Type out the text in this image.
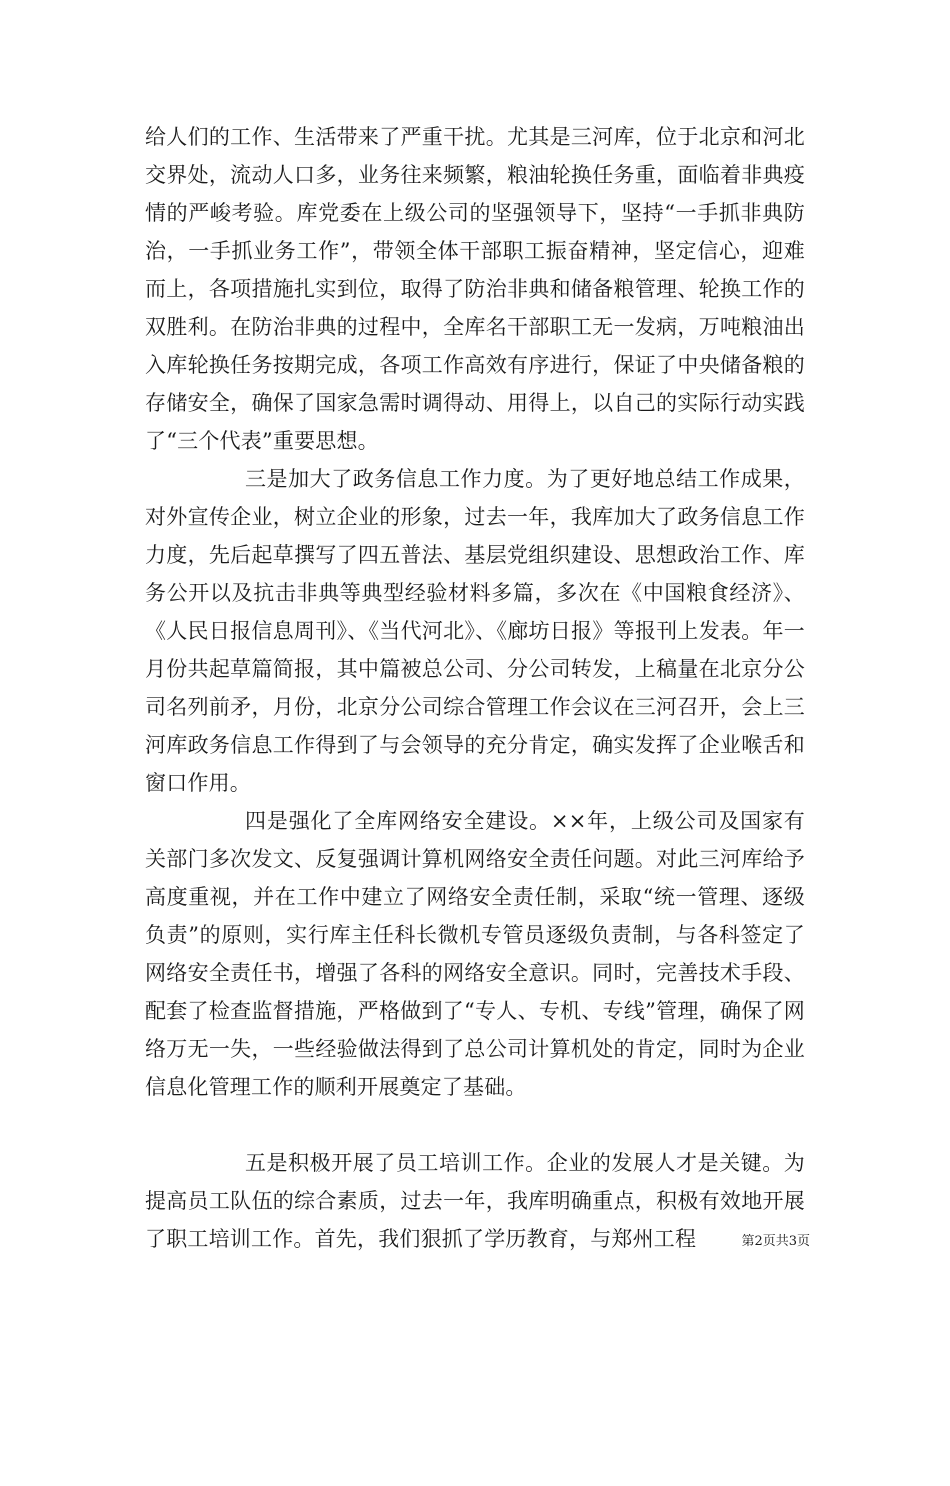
给人们的工作、生活带来了严重干扰。尤其是三河库，位于北京和河北交界处，流动人口多，业务往来频繁，粮油轮换任务重，面临着非典疫情的严峻考验。库党委在上级公司的坚强领导下，坚持“一手抓非典防治，一手抓业务工作”，带领全体干部职工振奋精神，坚定信心，迎难而上，各项措施扎实到位，取得了防治非典和储备粮管理、轮换工作的双胜利。在防治非典的过程中，全库名干部职工无一发病，万吨粮油出入库轮换任务按期完成，各项工作高效有序进行，保证了中央储备粮的存储安全，确保了国家急需时调得动、用得上，以自己的实际行动实践了“三个代表”重要思想。

三是加大了政务信息工作力度。为了更好地总结工作成果，对外宣传企业，树立企业的形象，过去一年，我库加大了政务信息工作力度，先后起草撰写了四五普法、基层党组织建设、思想政治工作、库务公开以及抗击非典等典型经验材料多篇，多次在《中国粮食经济》、《人民日报信息周刊》、《当代河北》、《廊坊日报》等报刊上发表。年一月份共起草篇简报，其中篇被总公司、分公司转发，上稿量在北京分公司名列前矛，月份，北京分公司综合管理工作会议在三河召开，会上三河库政务信息工作得到了与会领导的充分肯定，确实发挥了企业喉舌和窗口作用。

四是强化了全库网络安全建设。××年，上级公司及国家有关部门多次发文、反复强调计算机网络安全责任问题。对此三河库给予高度重视，并在工作中建立了网络安全责任制，采取“统一管理、逐级负责”的原则，实行库主任科长微机专管员逐级负责制，与各科签定了网络安全责任书，增强了各科的网络安全意识。同时，完善技术手段、配套了检查监督措施，严格做到了“专人、专机、专线”管理，确保了网络万无一失，一些经验做法得到了总公司计算机处的肯定，同时为企业信息化管理工作的顺利开展奠定了基础。

五是积极开展了员工培训工作。企业的发展人才是关键。为提高员工队伍的综合素质，过去一年，我库明确重点，积极有效地开展了职工培训工作。首先，我们狠抓了学历教育，与郑州工程	第2页共3页
